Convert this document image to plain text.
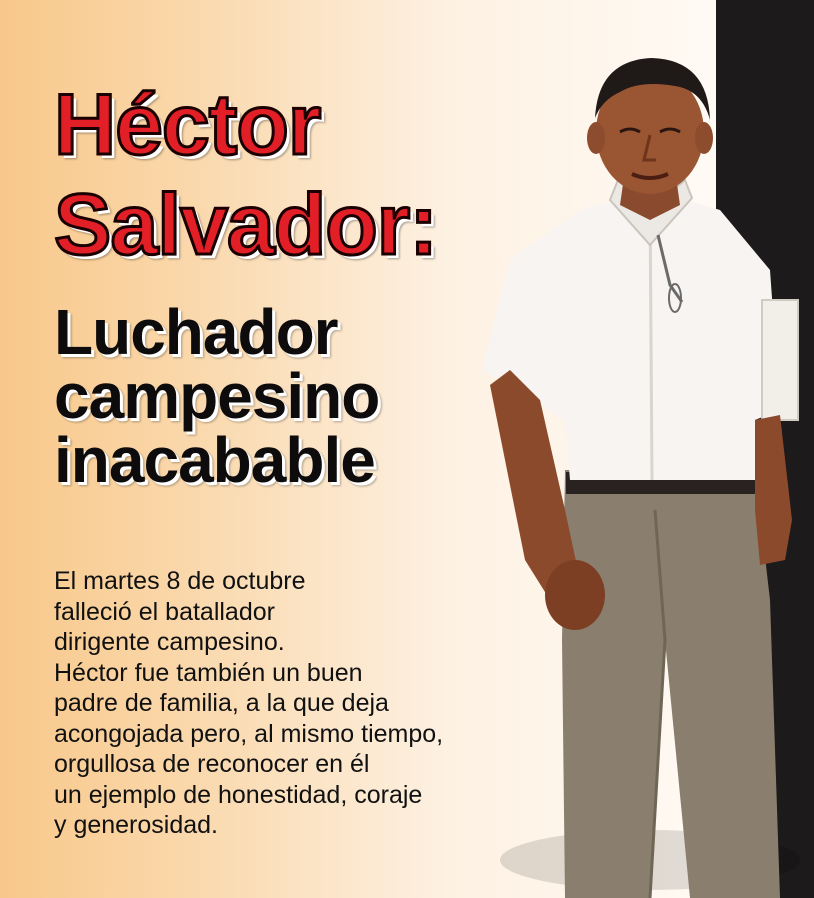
Héctor
Salvador:
Luchador
campesino
inacabable

El martes 8 de octubre
falleció el batallador
dirigente campesino.
Héctor fue también un buen
padre de familia, a la que deja
acongojada pero, al mismo tiempo,
orgullosa de reconocer en él
un ejemplo de honestidad, coraje
y generosidad.
